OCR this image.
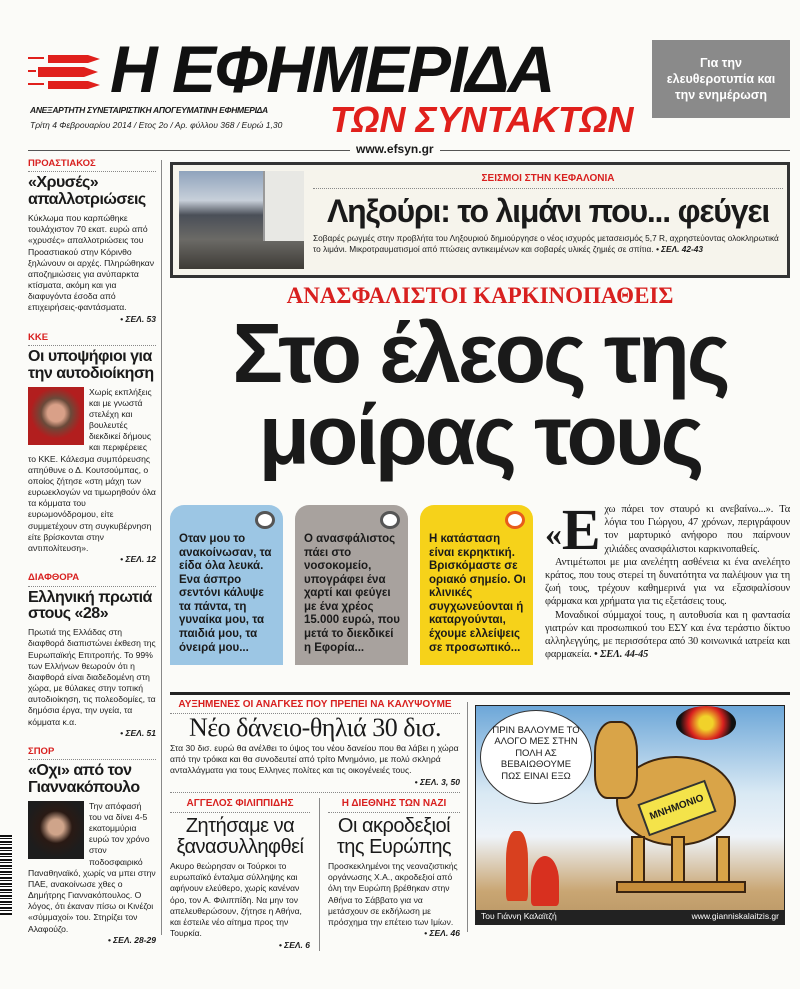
Η ΕΦΗΜΕΡΙΔΑ
ΤΩΝ ΣΥΝΤΑΚΤΩΝ
ΑΝΕΞΑΡΤΗΤΗ ΣΥΝΕΤΑΙΡΙΣΤΙΚΗ ΑΠΟΓΕΥΜΑΤΙΝΗ ΕΦΗΜΕΡΙΔΑ
Τρίτη 4 Φεβρουαρίου 2014 / Ετος 2ο / Αρ. φύλλου 368 / Ευρώ 1,30
Για την ελευθεροτυπία και την ενημέρωση
www.efsyn.gr
ΠΡΟΑΣΤΙΑΚΟΣ
«Χρυσές» απαλλοτριώσεις
Κύκλωμα που καρπώθηκε τουλάχιστον 70 εκατ. ευρώ από «χρυσές» απαλλοτριώσεις του Προαστιακού στην Κόρινθο ξηλώνουν οι αρχές. Πληρώθηκαν αποζημιώσεις για ανύπαρκτα κτίσματα, ακόμη και για διαφυγόντα έσοδα από επιχειρήσεις-φαντάσματα.
• ΣΕΛ. 53
ΚΚΕ
Οι υποψήφιοι για την αυτοδιοίκηση
Χωρίς εκπλήξεις και με γνωστά στελέχη και βουλευτές διεκδικεί δήμους και περιφέρειες το ΚΚΕ. Κάλεσμα συμπόρευσης απηύθυνε ο Δ. Κουτσούμπας, ο οποίος ζήτησε «στη μάχη των ευρωεκλογών να τιμωρηθούν όλα τα κόμματα του ευρωμονόδρομου, είτε συμμετέχουν στη συγκυβέρνηση είτε βρίσκονται στην αντιπολίτευση».
• ΣΕΛ. 12
ΔΙΑΦΘΟΡΑ
Ελληνική πρωτιά στους «28»
Πρωτιά της Ελλάδας στη διαφθορά διαπιστώνει έκθεση της Ευρωπαϊκής Επιτροπής. Το 99% των Ελλήνων θεωρούν ότι η διαφθορά είναι διαδεδομένη στη χώρα, με θύλακες στην τοπική αυτοδιοίκηση, τις πολεοδομίες, τα δημόσια έργα, την υγεία, τα κόμματα κ.α.
• ΣΕΛ. 51
ΣΠΟΡ
«Οχι» από τον Γιαννακόπουλο
Την απόφασή του να δίνει 4-5 εκατομμύρια ευρώ τον χρόνο στον ποδοσφαιρικό Παναθηναϊκό, χωρίς να μπει στην ΠΑΕ, ανακοίνωσε χθες ο Δημήτρης Γιαννακόπουλος. Ο λόγος, ότι έκαναν πίσω οι Κινέζοι «σύμμαχοί» του. Στηρίζει τον Αλαφούζο.
• ΣΕΛ. 28-29
ΣΕΙΣΜΟΙ ΣΤΗΝ ΚΕΦΑΛΟΝΙΑ
Ληξούρι: το λιμάνι που... φεύγει
Σοβαρές ρωγμές στην προβλήτα του Ληξουριού δημιούργησε ο νέος ισχυρός μετασεισμός 5,7 R, αχρηστεύοντας ολοκληρωτικά το λιμάνι. Μικροτραυματισμοί από πτώσεις αντικειμένων και σοβαρές υλικές ζημιές σε σπίτια. • ΣΕΛ. 42-43
ΑΝΑΣΦΑΛΙΣΤΟΙ ΚΑΡΚΙΝΟΠΑΘΕΙΣ
Στο έλεος της
μοίρας τους
Οταν μου το ανακοίνωσαν, τα είδα όλα λευκά. Ενα άσπρο σεντόνι κάλυψε τα πάντα, τη γυναίκα μου, τα παιδιά μου, τα όνειρά μου...
Ο ανασφάλιστος πάει στο νοσοκομείο, υπογράφει ένα χαρτί και φεύγει με ένα χρέος 15.000 ευρώ, που μετά το διεκδικεί η Εφορία...
Η κατάσταση είναι εκρηκτική. Βρισκόμαστε σε οριακό σημείο. Οι κλινικές συγχωνεύονται ή καταργούνται, έχουμε ελλείψεις σε προσωπικό...
«Ε χω πάρει τον σταυρό κι ανεβαίνω...». Τα λόγια του Γιώργου, 47 χρόνων, περιγράφουν τον μαρτυρικό ανήφορο που παίρνουν χιλιάδες ανασφάλιστοι καρκινοπαθείς.

Αντιμέτωποι με μια ανελέητη ασθένεια κι ένα ανελέητο κράτος, που τους στερεί τη δυνατότητα να παλέψουν για τη ζωή τους, τρέχουν καθημερινά για να εξασφαλίσουν φάρμακα και χρήματα για τις εξετάσεις τους.

Μοναδικοί σύμμαχοί τους, η αυτοθυσία και η φαντασία γιατρών και προσωπικού του ΕΣΥ και ένα τεράστιο δίκτυο αλληλεγγύης, με περισσότερα από 30 κοινωνικά ιατρεία και φαρμακεία. • ΣΕΛ. 44-45

ΑΥΞΗΜΕΝΕΣ ΟΙ ΑΝΑΓΚΕΣ ΠΟΥ ΠΡΕΠΕΙ ΝΑ ΚΑΛΥΨΟΥΜΕ
Νέο δάνειο-θηλιά 30 δισ.
Στα 30 δισ. ευρώ θα ανέλθει το ύψος του νέου δανείου που θα λάβει η χώρα από την τρόικα και θα συνοδευτεί από τρίτο Μνημόνιο, με πολύ σκληρά ανταλλάγματα για τους Ελληνες πολίτες και τις οικογένειές τους.
• ΣΕΛ. 3, 50
ΑΓΓΕΛΟΣ ΦΙΛΙΠΠΙΔΗΣ
Ζητήσαμε να ξανασυλληφθεί
Ακυρο θεώρησαν οι Τούρκοι το ευρωπαϊκό ένταλμα σύλληψης και αφήνουν ελεύθερο, χωρίς κανέναν όρο, τον Α. Φιλιππίδη. Να μην τον απελευθερώσουν, ζήτησε η Αθήνα, και έστειλε νέο αίτημα προς την Τουρκία.
• ΣΕΛ. 6
Η ΔΙΕΘΝΗΣ ΤΩΝ ΝΑΖΙ
Οι ακροδεξιοί της Ευρώπης
Προσκεκλημένοι της νεοναζιστικής οργάνωσης Χ.Α., ακροδεξιοί από όλη την Ευρώπη βρέθηκαν στην Αθήνα το Σάββατο για να μετάσχουν σε εκδήλωση με πρόσχημα την επέτειο των Ιμίων.
• ΣΕΛ. 46
ΠΡΙΝ ΒΑΛΟΥΜΕ ΤΟ ΑΛΟΓΟ ΜΕΣ ΣΤΗΝ ΠΟΛΗ ΑΣ ΒΕΒΑΙΩΘΟΥΜΕ ΠΩΣ ΕΙΝΑΙ ΕΞΩ
ΜΝΗΜΟΝΙΟ
Του Γιάννη Καλαϊτζή	www.gianniskalaitzis.gr
